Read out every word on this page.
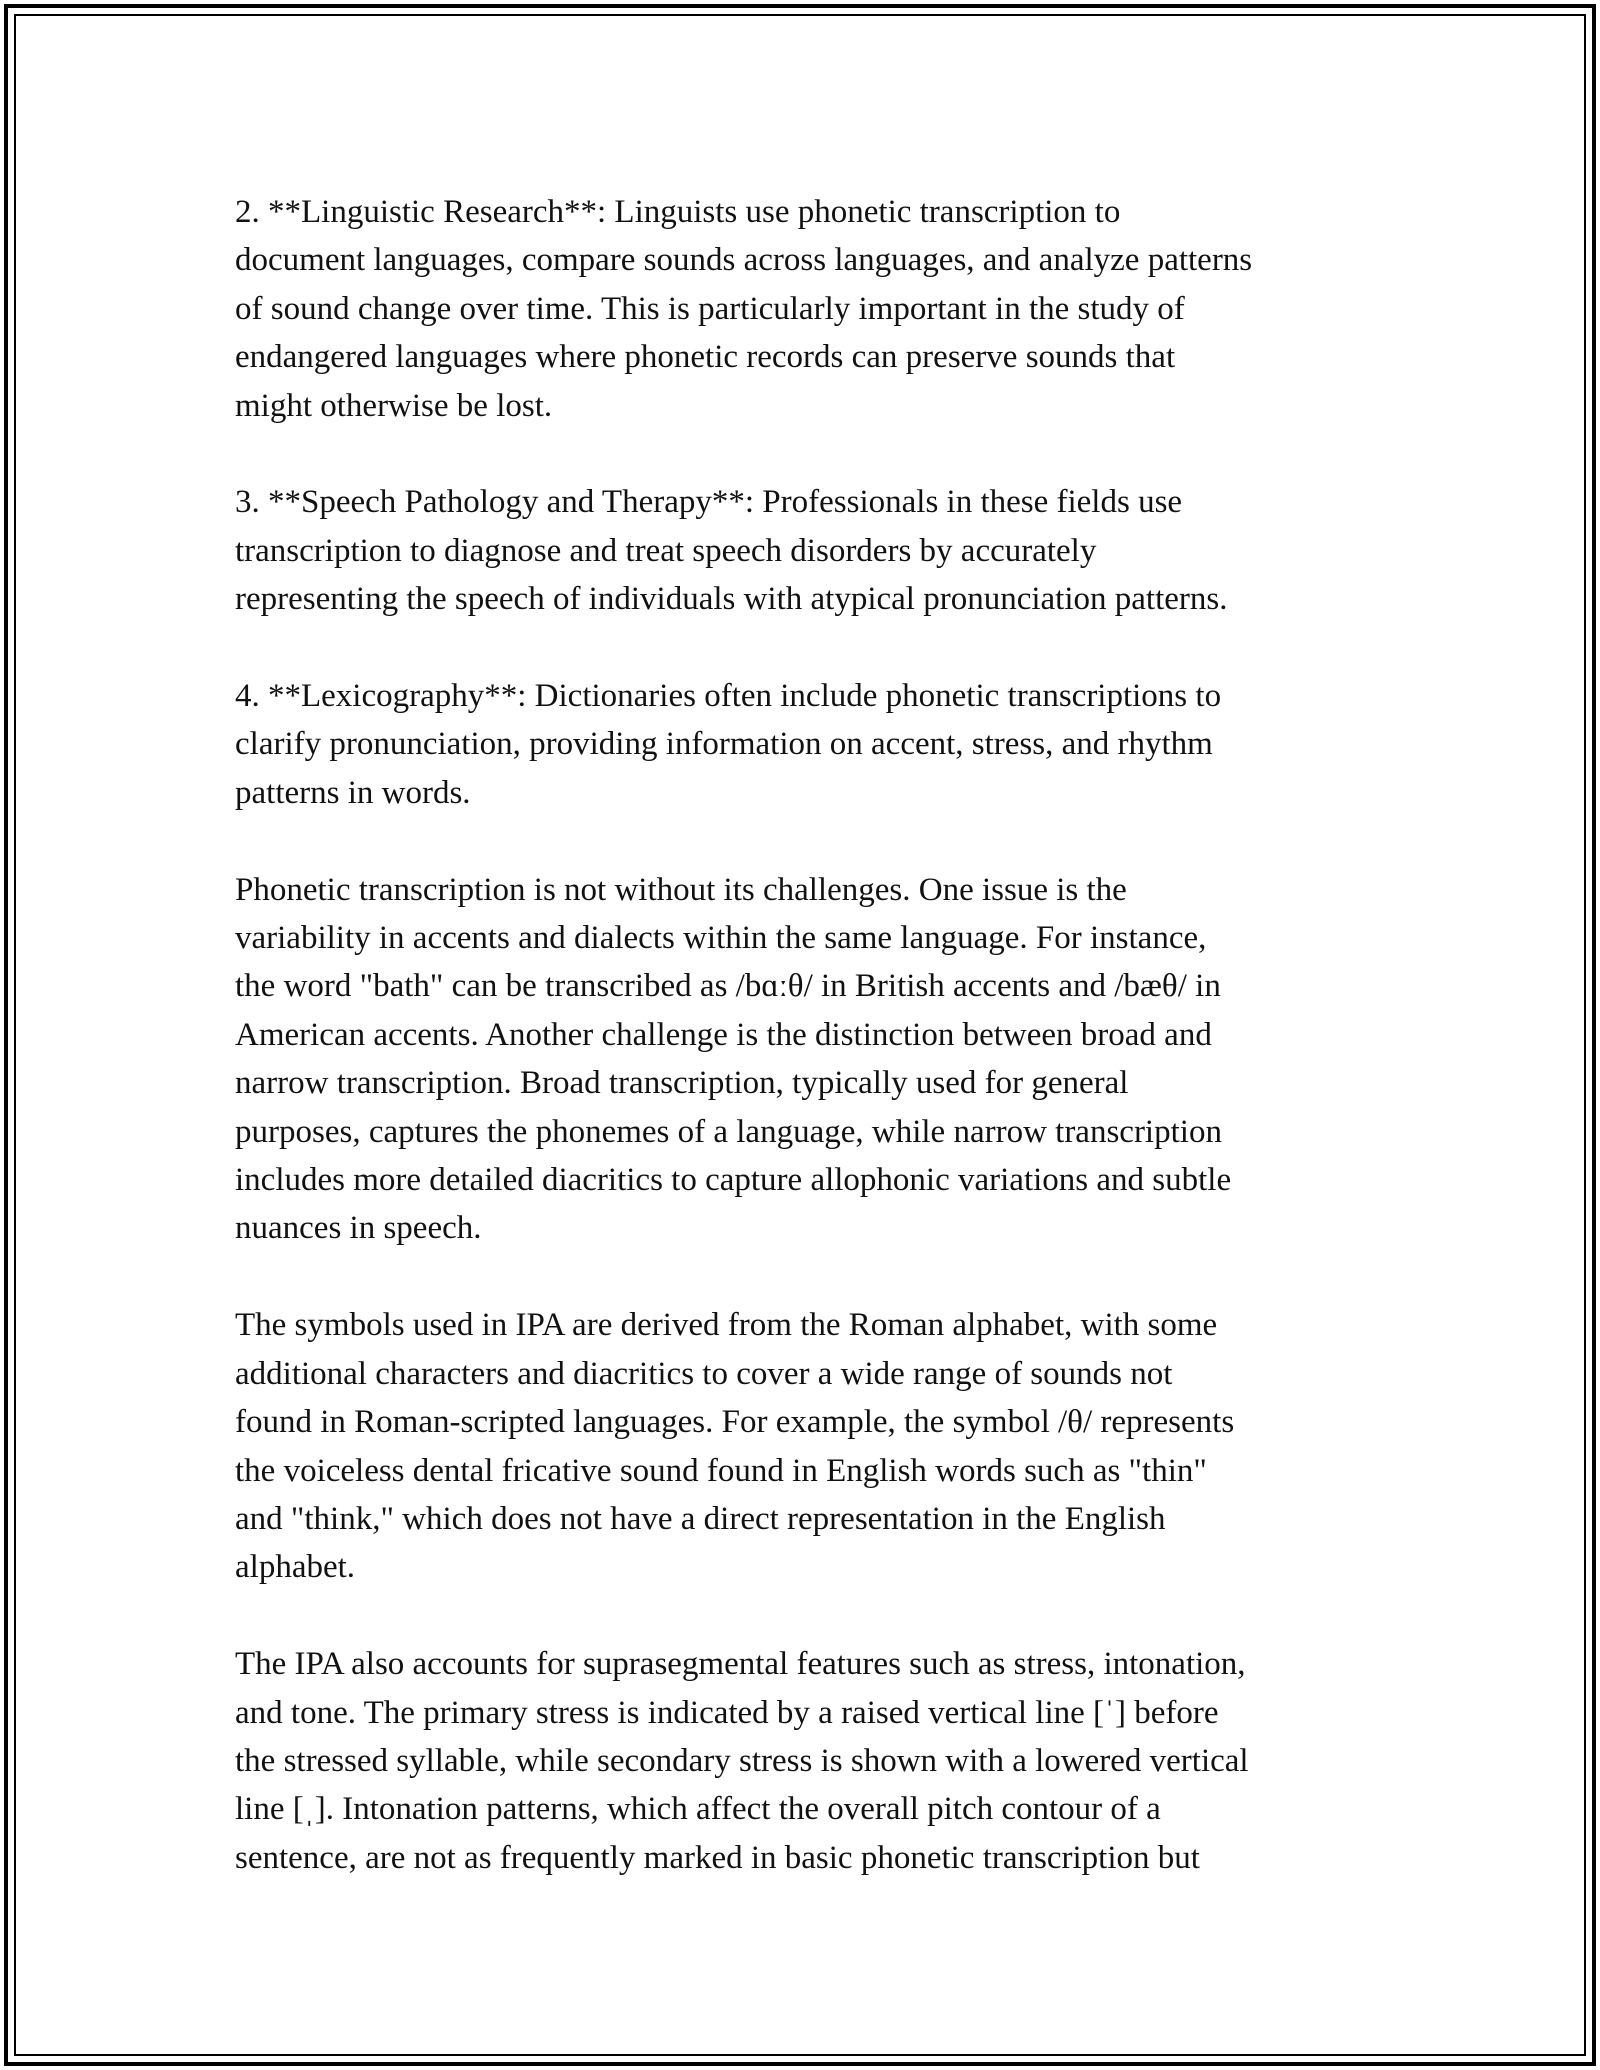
2. **Linguistic Research**: Linguists use phonetic transcription to
document languages, compare sounds across languages, and analyze patterns
of sound change over time. This is particularly important in the study of
endangered languages where phonetic records can preserve sounds that
might otherwise be lost.

3. **Speech Pathology and Therapy**: Professionals in these fields use
transcription to diagnose and treat speech disorders by accurately
representing the speech of individuals with atypical pronunciation patterns.

4. **Lexicography**: Dictionaries often include phonetic transcriptions to
clarify pronunciation, providing information on accent, stress, and rhythm
patterns in words.

Phonetic transcription is not without its challenges. One issue is the
variability in accents and dialects within the same language. For instance,
the word "bath" can be transcribed as /bɑːθ/ in British accents and /bæθ/ in
American accents. Another challenge is the distinction between broad and
narrow transcription. Broad transcription, typically used for general
purposes, captures the phonemes of a language, while narrow transcription
includes more detailed diacritics to capture allophonic variations and subtle
nuances in speech.

The symbols used in IPA are derived from the Roman alphabet, with some
additional characters and diacritics to cover a wide range of sounds not
found in Roman-scripted languages. For example, the symbol /θ/ represents
the voiceless dental fricative sound found in English words such as "thin"
and "think," which does not have a direct representation in the English
alphabet.

The IPA also accounts for suprasegmental features such as stress, intonation,
and tone. The primary stress is indicated by a raised vertical line [ˈ] before
the stressed syllable, while secondary stress is shown with a lowered vertical
line [ˌ]. Intonation patterns, which affect the overall pitch contour of a
sentence, are not as frequently marked in basic phonetic transcription but
